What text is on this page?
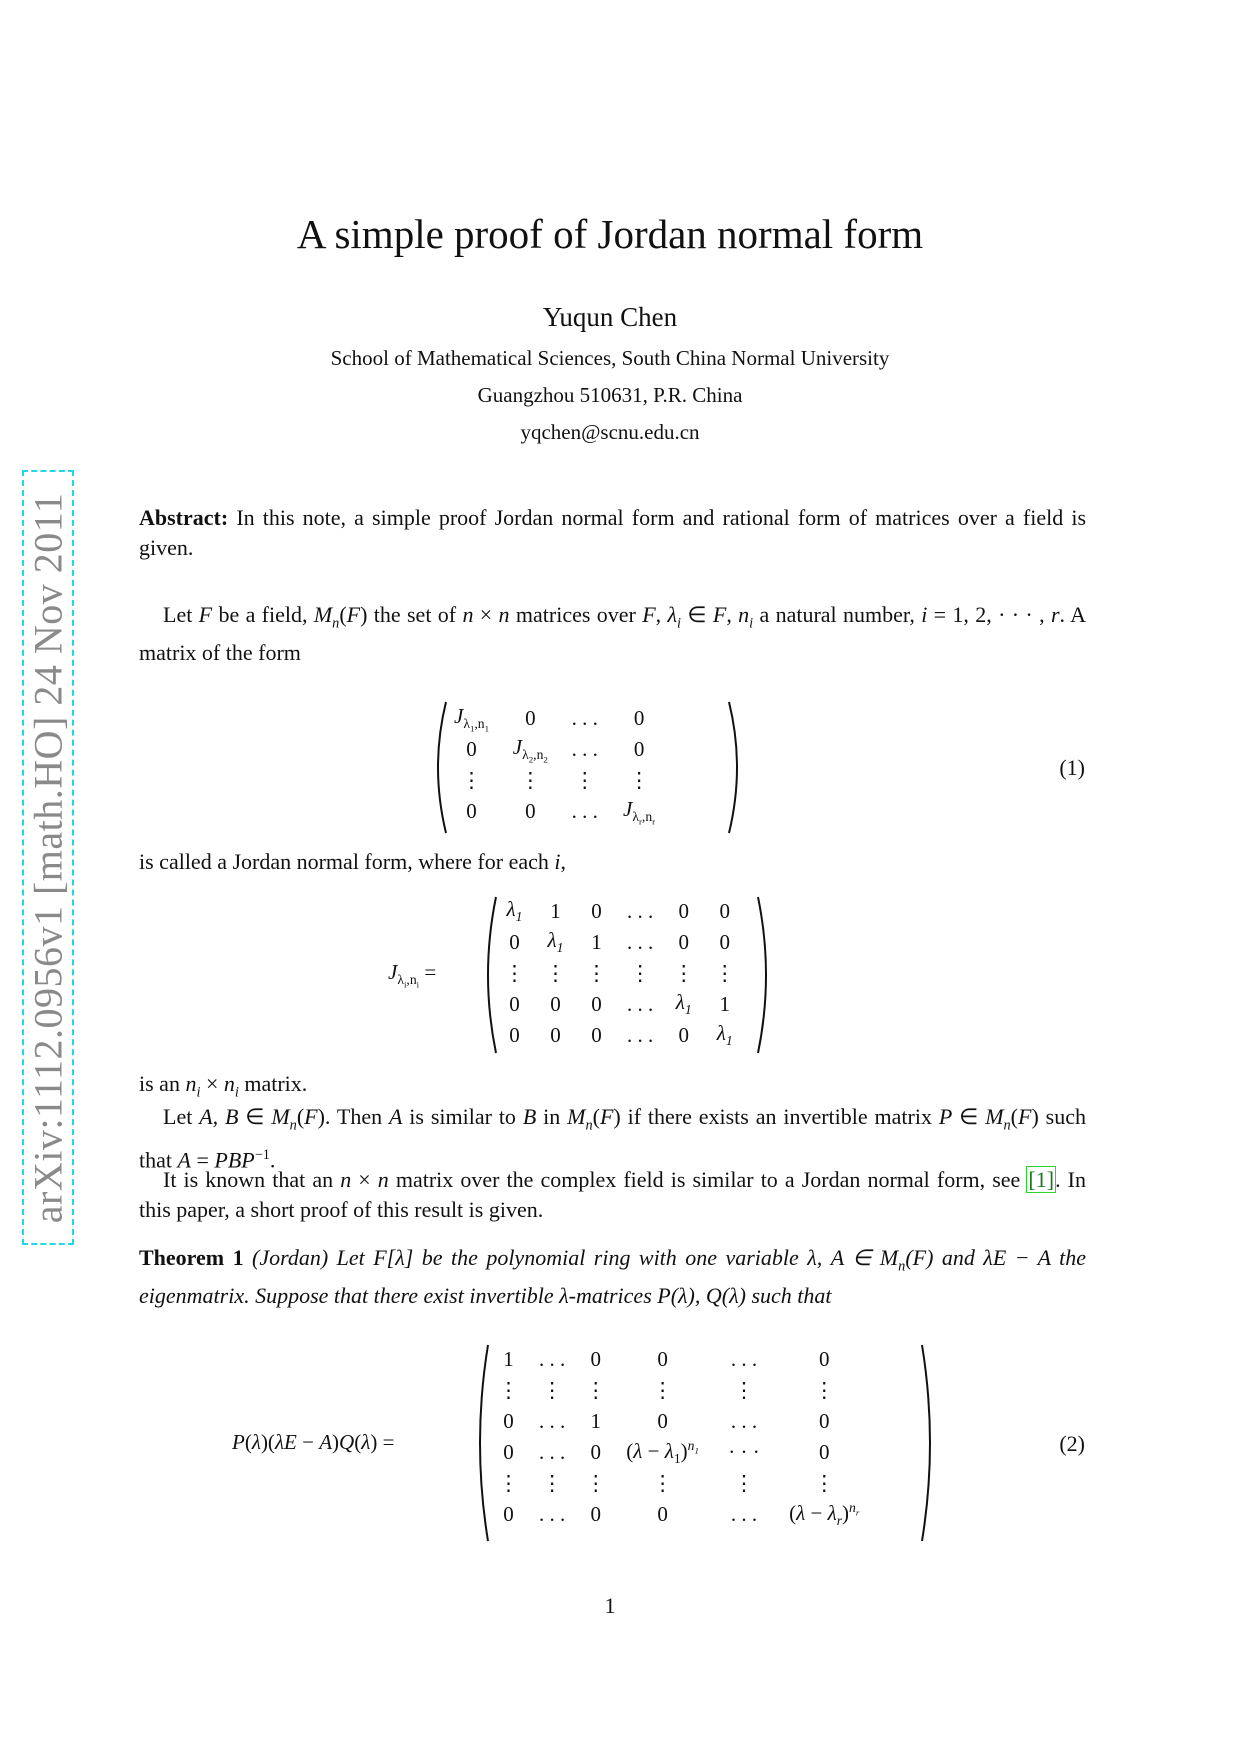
arXiv:1112.0956v1 [math.HO] 24 Nov 2011
A simple proof of Jordan normal form
Yuqun Chen
School of Mathematical Sciences, South China Normal University
Guangzhou 510631, P.R. China
yqchen@scnu.edu.cn
Abstract: In this note, a simple proof Jordan normal form and rational form of matrices over a field is given.
Let F be a field, $M_n(F)$ the set of n × n matrices over F, $\lambda_i$ ∈ F, $n_i$ a natural number, i = 1, 2, · · · , r. A matrix of the form
$J_{\lambda_1,n_1}$	0	. . .	0
0	$J_{\lambda_2,n_2}$	. . .	0
⋮	⋮	⋮	⋮
0	0	. . .	$J_{\lambda_r,n_r}$
(1)
is called a Jordan normal form, where for each i,
$J_{\lambda_i,n_i}$ =
$\lambda_1$	1	0	. . .	0	0
0	$\lambda_1$	1	. . .	0	0
⋮	⋮	⋮	⋮	⋮	⋮
0	0	0	. . .	$\lambda_1$	1
0	0	0	. . .	0	$\lambda_1$
is an $n_i \times n_i$ matrix.
Let A, B ∈ $M_n(F)$. Then A is similar to B in $M_n(F)$ if there exists an invertible matrix P ∈ $M_n(F)$ such that $A = PBP^{-1}$.
It is known that an n × n matrix over the complex field is similar to a Jordan normal form, see [1]. In this paper, a short proof of this result is given.
Theorem 1 (Jordan) Let F[λ] be the polynomial ring with one variable λ, A ∈ $M_n(F)$ and λE − A the eigenmatrix. Suppose that there exist invertible λ-matrices P(λ), Q(λ) such that
P(λ)(λE − A)Q(λ) =
1	. . .	0	0	. . .	0
⋮	⋮	⋮	⋮	⋮	⋮
0	. . .	1	0	. . .	0
0	. . .	0	$(\lambda - \lambda_1)^{n_1}$	· · ·	0
⋮	⋮	⋮	⋮	⋮	⋮
0	. . .	0	0	. . .	$(\lambda - \lambda_r)^{n_r}$
(2)
1
